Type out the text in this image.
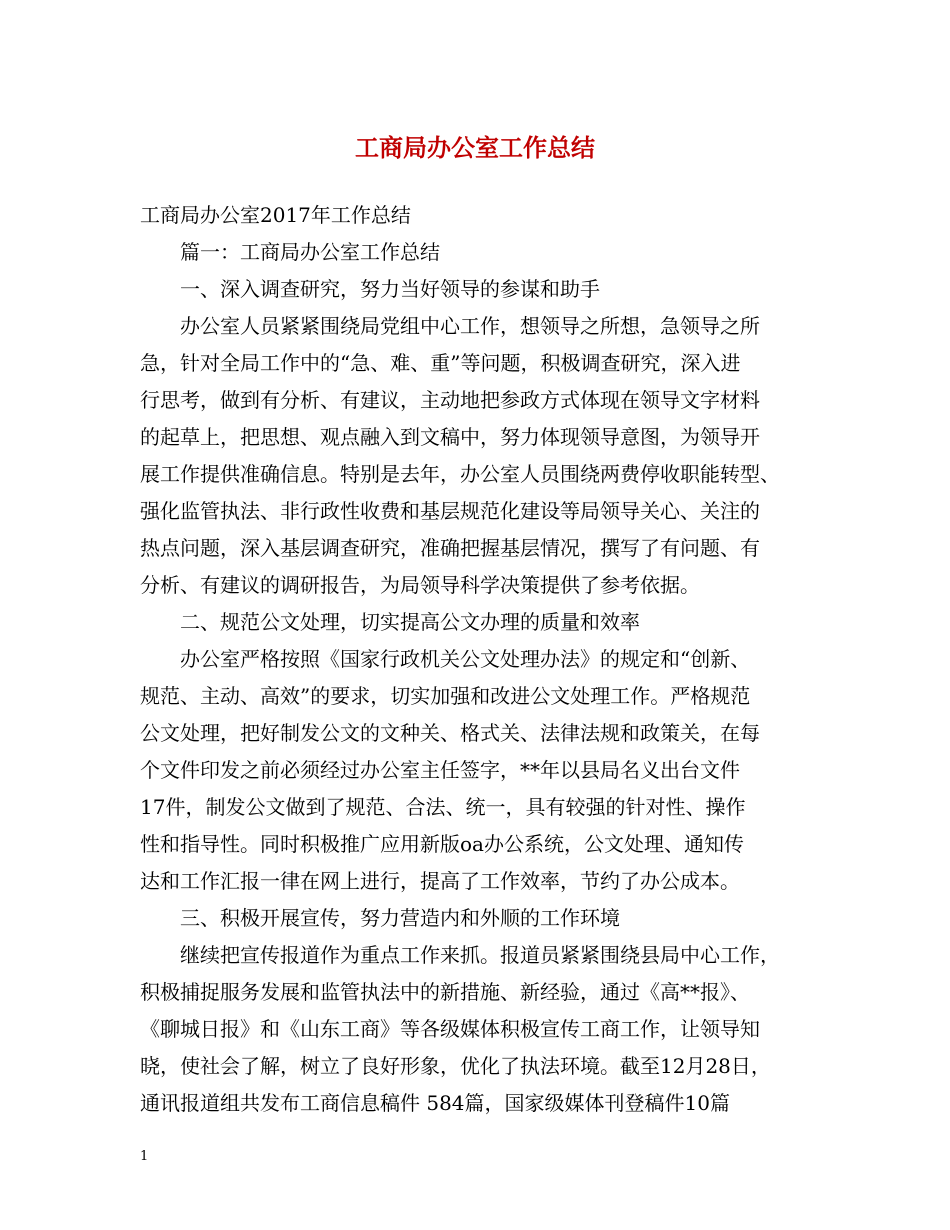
工商局办公室工作总结
工商局办公室2017年工作总结
　　篇一：工商局办公室工作总结
　　一、深入调查研究，努力当好领导的参谋和助手
　　办公室人员紧紧围绕局党组中心工作，想领导之所想，急领导之所
急，针对全局工作中的“急、难、重”等问题，积极调查研究，深入进
行思考，做到有分析、有建议，主动地把参政方式体现在领导文字材料
的起草上，把思想、观点融入到文稿中，努力体现领导意图，为领导开
展工作提供准确信息。特别是去年，办公室人员围绕两费停收职能转型、
强化监管执法、非行政性收费和基层规范化建设等局领导关心、关注的
热点问题，深入基层调查研究，准确把握基层情况，撰写了有问题、有
分析、有建议的调研报告，为局领导科学决策提供了参考依据。
　　二、规范公文处理，切实提高公文办理的质量和效率
　　办公室严格按照《国家行政机关公文处理办法》的规定和“创新、
规范、主动、高效”的要求，切实加强和改进公文处理工作。严格规范
公文处理，把好制发公文的文种关、格式关、法律法规和政策关，在每
个文件印发之前必须经过办公室主任签字，**年以县局名义出台文件
17件，制发公文做到了规范、合法、统一，具有较强的针对性、操作
性和指导性。同时积极推广应用新版oa办公系统，公文处理、通知传
达和工作汇报一律在网上进行，提高了工作效率，节约了办公成本。
　　三、积极开展宣传，努力营造内和外顺的工作环境
　　继续把宣传报道作为重点工作来抓。报道员紧紧围绕县局中心工作，
积极捕捉服务发展和监管执法中的新措施、新经验，通过《高**报》、
《聊城日报》和《山东工商》等各级媒体积极宣传工商工作，让领导知
晓，使社会了解，树立了良好形象，优化了执法环境。截至12月28日，
通讯报道组共发布工商信息稿件 584篇，国家级媒体刊登稿件10篇
1
